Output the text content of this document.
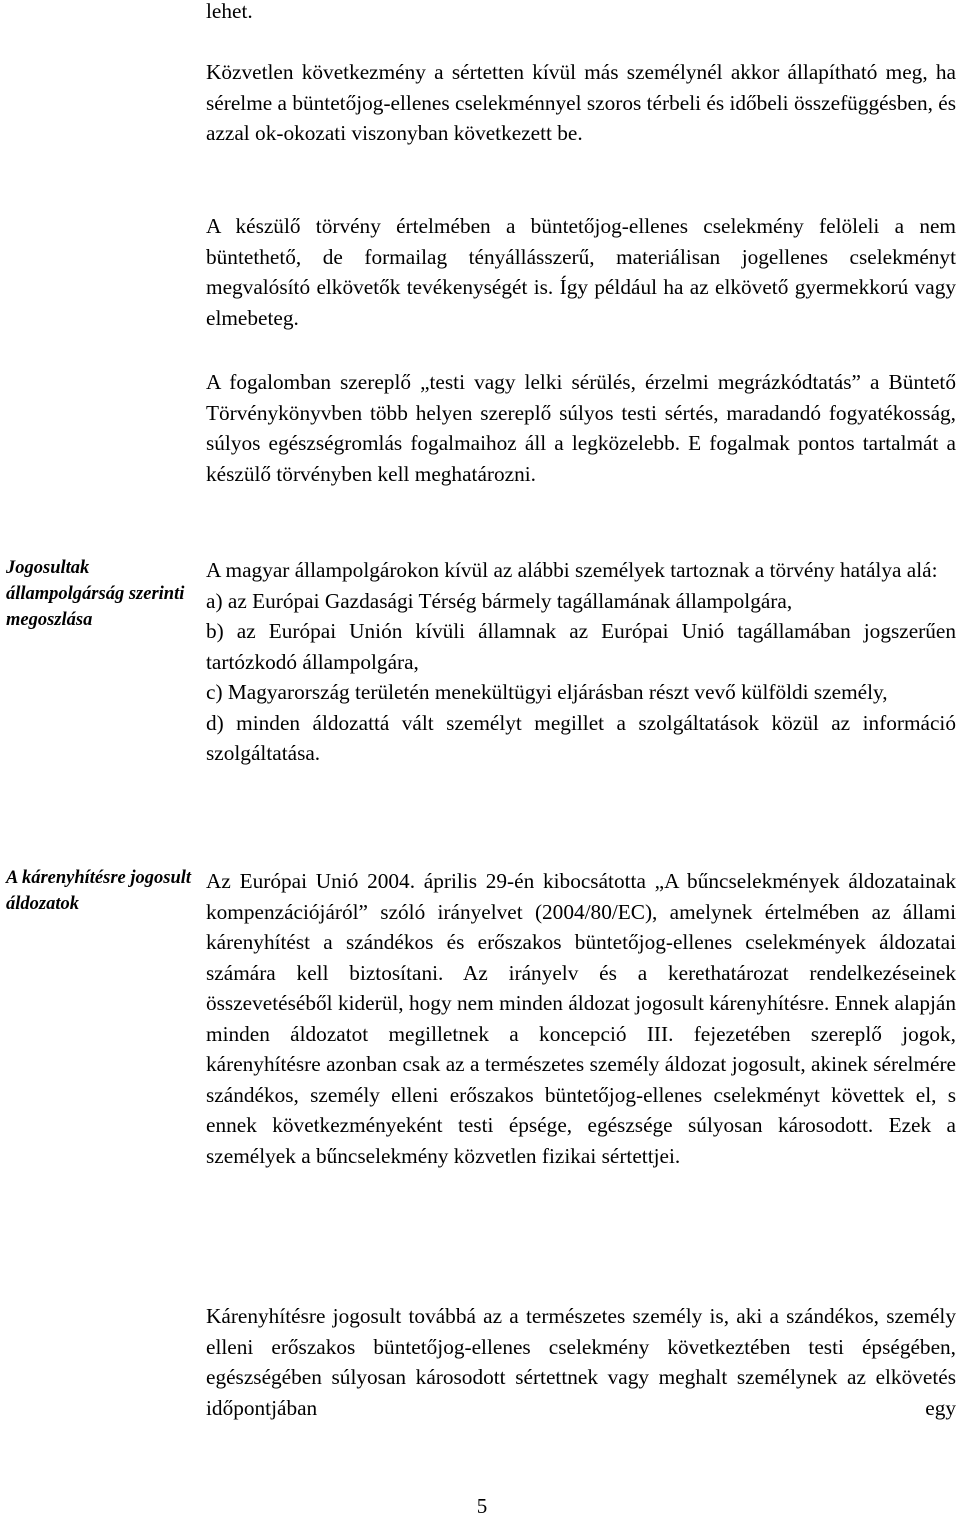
lehet.

Közvetlen következmény a sértetten kívül más személynél akkor állapítható meg, ha sérelme a büntetőjog-ellenes cselekménnyel szoros térbeli és időbeli összefüggésben, és azzal ok-okozati viszonyban következett be.

A készülő törvény értelmében a büntetőjog-ellenes cselekmény felöleli a nem büntethető, de formailag tényállásszerű, materiálisan jogellenes cselekményt megvalósító elkövetők tevékenységét is. Így például ha az elkövető gyermekkorú vagy elmebeteg.

A fogalomban szereplő „testi vagy lelki sérülés, érzelmi megrázkódtatás” a Büntető Törvénykönyvben több helyen szereplő súlyos testi sértés, maradandó fogyatékosság, súlyos egészségromlás fogalmaihoz áll a legközelebb. E fogalmak pontos tartalmát a készülő törvényben kell meghatározni.

A magyar állampolgárokon kívül az alábbi személyek tartoznak a törvény hatálya alá:

a) az Európai Gazdasági Térség bármely tagállamának állampolgára,

b) az Európai Unión kívüli államnak az Európai Unió tagállamában jogszerűen tartózkodó állampolgára,

c) Magyarország területén menekültügyi eljárásban részt vevő külföldi személy,

d) minden áldozattá vált személyt megillet a szolgáltatások közül az információ szolgáltatása.

Az Európai Unió 2004. április 29-én kibocsátotta „A bűncselekmények áldozatainak kompenzációjáról” szóló irányelvet (2004/80/EC), amelynek értelmében az állami kárenyhítést a szándékos és erőszakos büntetőjog-ellenes cselekmények áldozatai számára kell biztosítani. Az irányelv és a kerethatározat rendelkezéseinek összevetéséből kiderül, hogy nem minden áldozat jogosult kárenyhítésre. Ennek alapján minden áldozatot megilletnek a koncepció III. fejezetében szereplő jogok, kárenyhítésre azonban csak az a természetes személy áldozat jogosult, akinek sérelmére szándékos, személy elleni erőszakos büntetőjog-ellenes cselekményt követtek el, s ennek következményeként testi épsége, egészsége súlyosan károsodott. Ezek a személyek a bűncselekmény közvetlen fizikai sértettjei.

Kárenyhítésre jogosult továbbá az a természetes személy is, aki a szándékos, személy elleni erőszakos büntetőjog-ellenes cselekmény következtében testi épségében, egészségében súlyosan károsodott sértettnek vagy meghalt személynek az elkövetés időpontjában egy

Jogosultak állampolgárság szerinti megoszlása

A kárenyhítésre jogosult áldozatok

5
